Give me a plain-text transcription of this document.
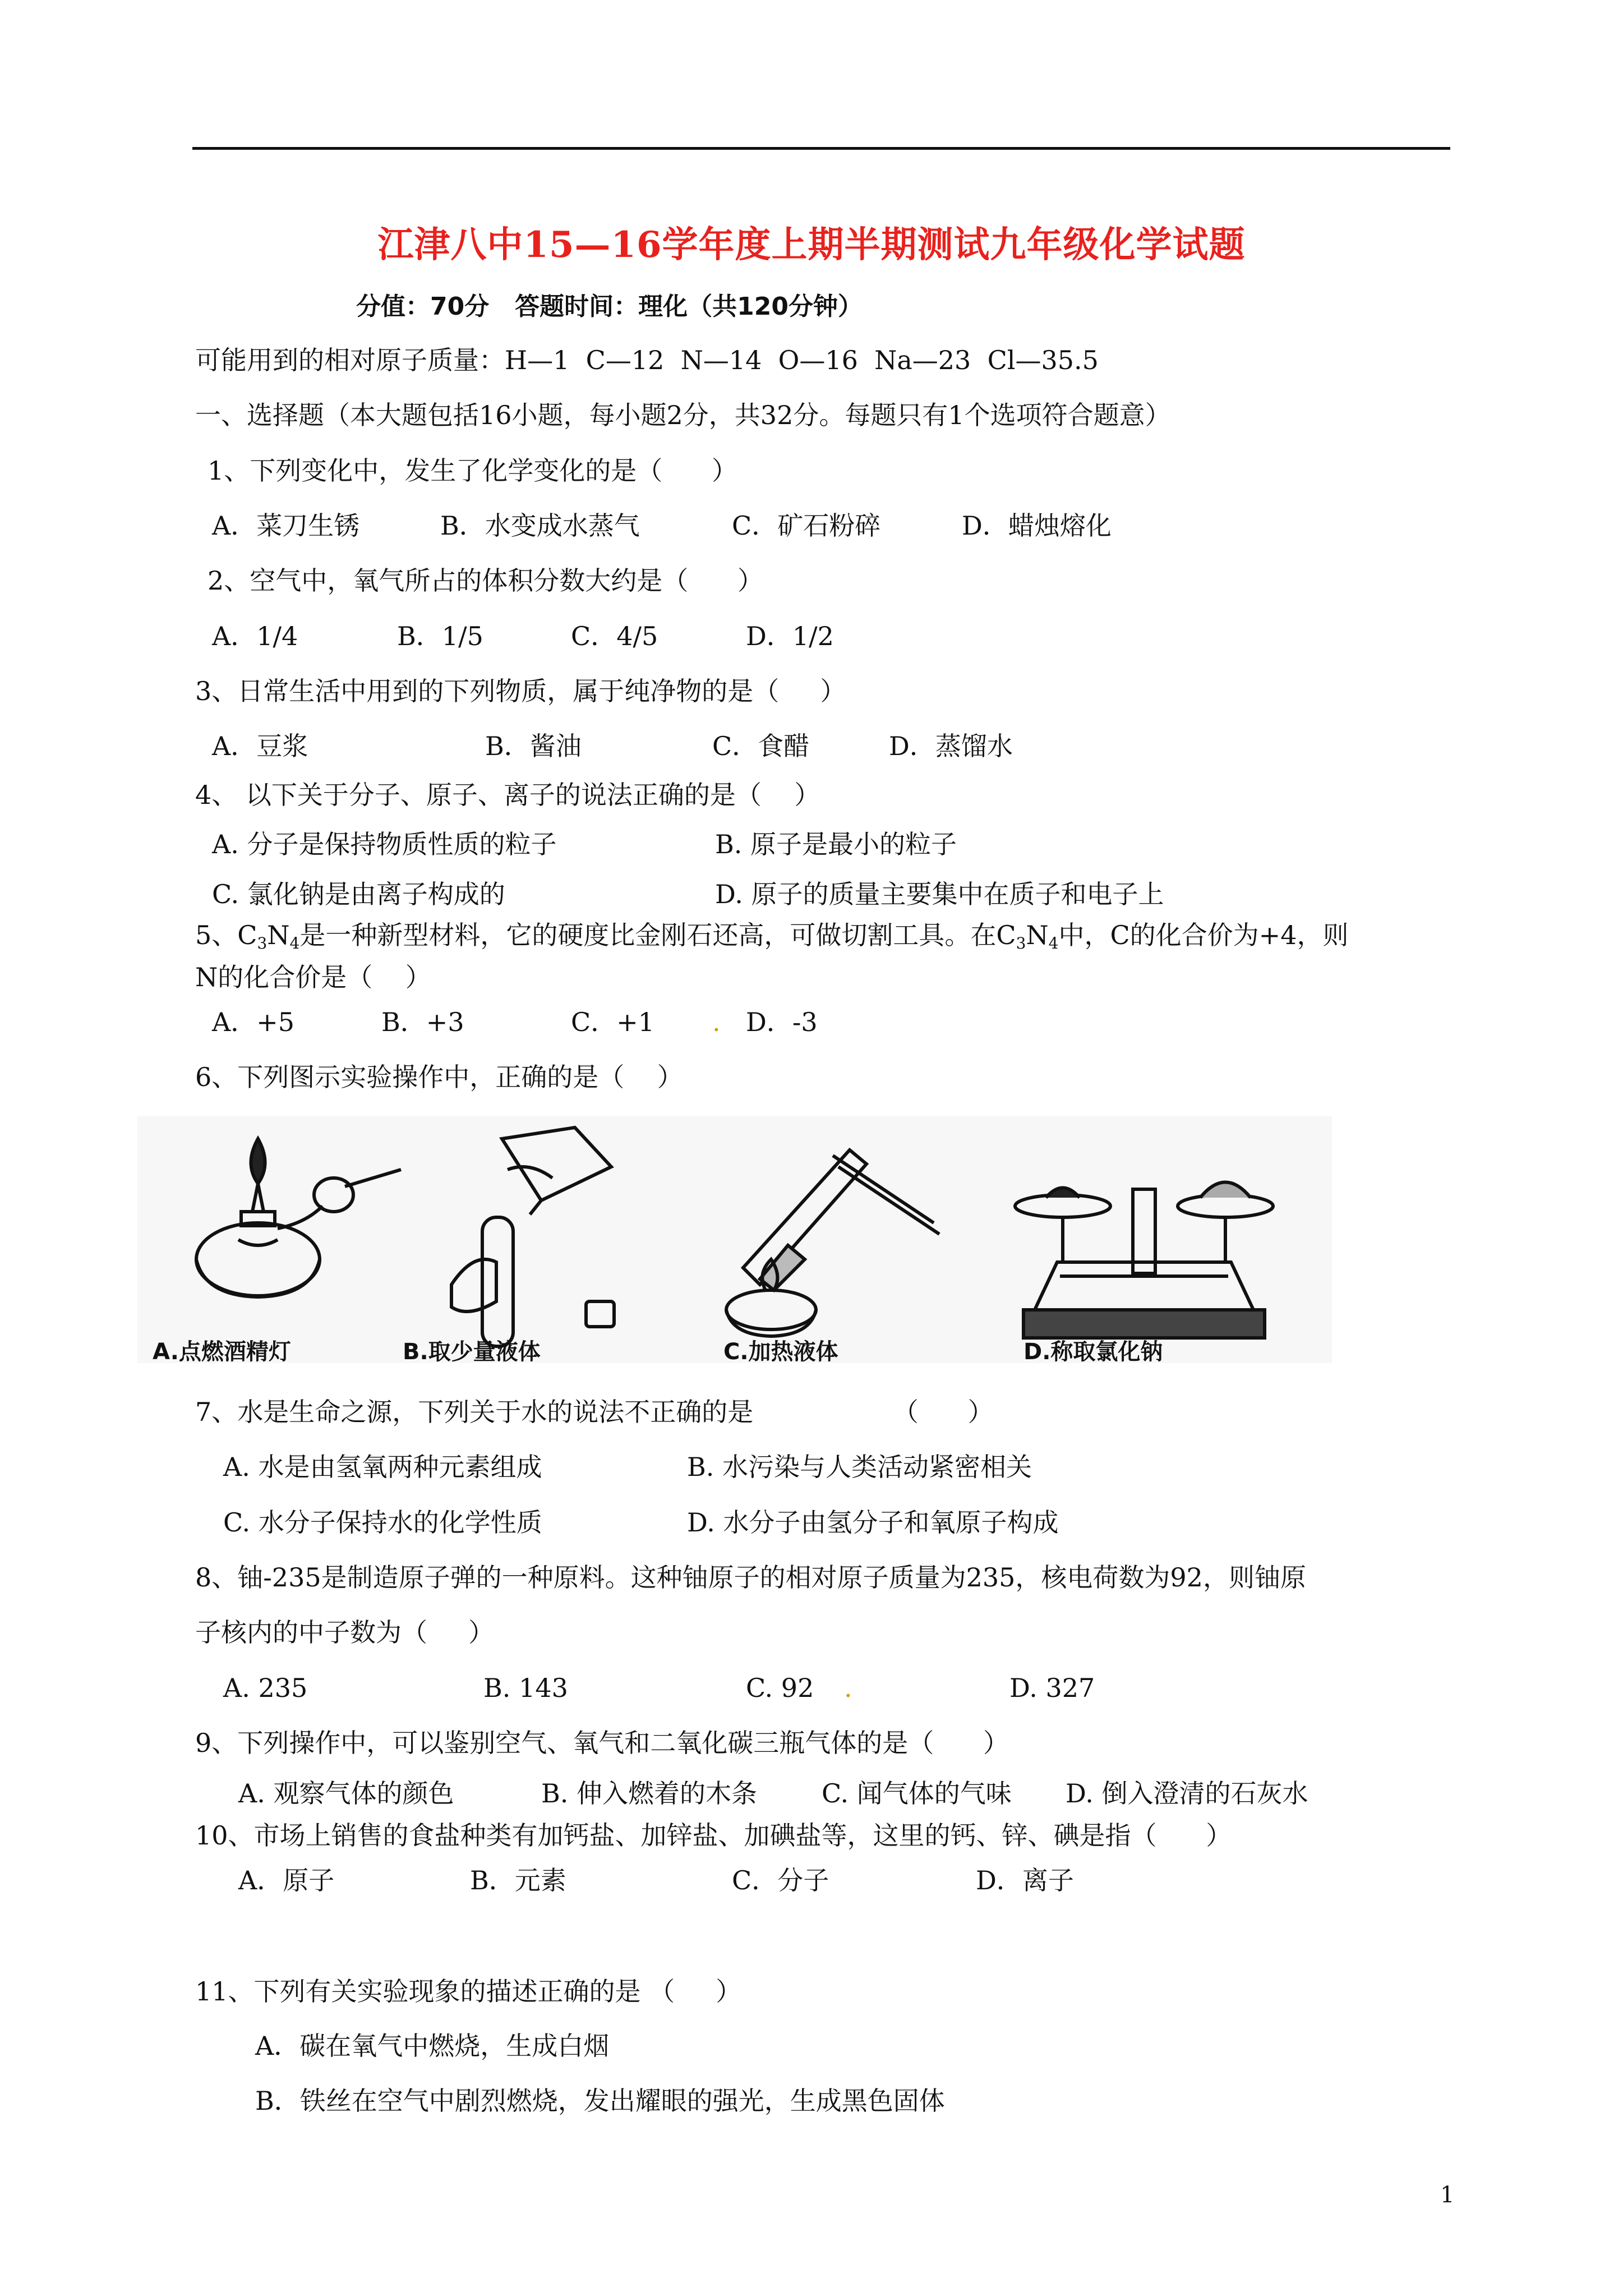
江津八中15—16学年度上期半期测试九年级化学试题
分值：70分   答题时间：理化（共120分钟）
可能用到的相对原子质量：H—1  C—12  N—14  O—16  Na—23  Cl—35.5
一、选择题（本大题包括16小题，每小题2分，共32分。每题只有1个选项符合题意）
1、下列变化中，发生了化学变化的是（      ）
A．菜刀生锈	B．水变成水蒸气	C．矿石粉碎	D．蜡烛熔化
2、空气中，氧气所占的体积分数大约是（      ）
A．1/4	B．1/5	C．4/5	D．1/2
3、日常生活中用到的下列物质，属于纯净物的是（     ）
A．豆浆	B．酱油	C．食醋	D．蒸馏水
4、 以下关于分子、原子、离子的说法正确的是（    ）
A. 分子是保持物质性质的粒子	B. 原子是最小的粒子
C. 氯化钠是由离子构成的	D. 原子的质量主要集中在质子和电子上
5、$C_3N_4$是一种新型材料，它的硬度比金刚石还高，可做切割工具。在$C_3N_4$中，C的化合价为+4，则
N的化合价是（    ）
A．+5	B．+3	C．+1 . D．-3
6、下列图示实验操作中，正确的是（    ）
A.点燃酒精灯	B.取少量液体	C.加热液体	D.称取氯化钠
7、水是生命之源，下列关于水的说法不正确的是                 （      ）
A. 水是由氢氧两种元素组成	B. 水污染与人类活动紧密相关
C. 水分子保持水的化学性质	D. 水分子由氢分子和氧原子构成
8、铀-235是制造原子弹的一种原料。这种铀原子的相对原子质量为235，核电荷数为92，则铀原
子核内的中子数为（     ）
A. 235	B. 143	C. 92 .	D. 327
9、下列操作中，可以鉴别空气、氧气和二氧化碳三瓶气体的是（      ）
A. 观察气体的颜色	B. 伸入燃着的木条 C. 闻气体的气味 D. 倒入澄清的石灰水
10、市场上销售的食盐种类有加钙盐、加锌盐、加碘盐等，这里的钙、锌、碘是指（      ）
A．原子	B．元素	C．分子	D．离子
11、下列有关实验现象的描述正确的是 （     ）
A．碳在氧气中燃烧，生成白烟
B．铁丝在空气中剧烈燃烧，发出耀眼的强光，生成黑色固体
1
